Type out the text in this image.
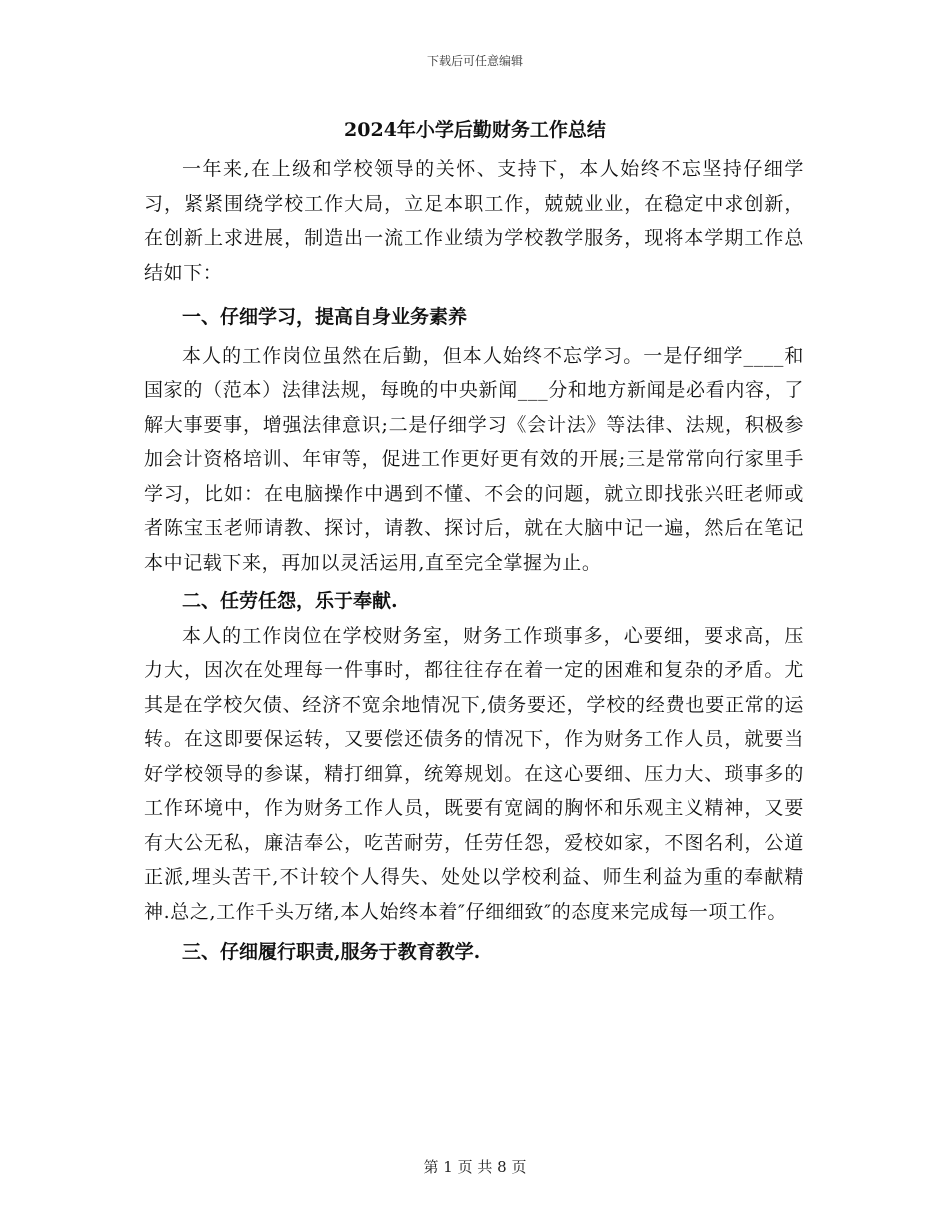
下载后可任意编辑
2024年小学后勤财务工作总结

一年来,在上级和学校领导的关怀、支持下，本人始终不忘坚持仔细学习，紧紧围绕学校工作大局，立足本职工作，兢兢业业，在稳定中求创新，在创新上求进展，制造出一流工作业绩为学校教学服务，现将本学期工作总结如下：

一、仔细学习，提高自身业务素养

本人的工作岗位虽然在后勤，但本人始终不忘学习。一是仔细学____和国家的（范本）法律法规，每晚的中央新闻___分和地方新闻是必看内容，了解大事要事，增强法律意识;二是仔细学习《会计法》等法律、法规，积极参加会计资格培训、年审等，促进工作更好更有效的开展;三是常常向行家里手学习，比如：在电脑操作中遇到不懂、不会的问题，就立即找张兴旺老师或者陈宝玉老师请教、探讨，请教、探讨后，就在大脑中记一遍，然后在笔记本中记载下来，再加以灵活运用,直至完全掌握为止。

二、任劳任怨，乐于奉献.

本人的工作岗位在学校财务室，财务工作琐事多，心要细，要求高，压力大，因次在处理每一件事时，都往往存在着一定的困难和复杂的矛盾。尤其是在学校欠债、经济不宽余地情况下,债务要还，学校的经费也要正常的运转。在这即要保运转，又要偿还债务的情况下，作为财务工作人员，就要当好学校领导的参谋，精打细算，统筹规划。在这心要细、压力大、琐事多的工作环境中，作为财务工作人员，既要有宽阔的胸怀和乐观主义精神，又要有大公无私，廉洁奉公，吃苦耐劳，任劳任怨，爱校如家，不图名利，公道正派,埋头苦干,不计较个人得失、处处以学校利益、师生利益为重的奉献精神.总之,工作千头万绪,本人始终本着″仔细细致″的态度来完成每一项工作。

三、仔细履行职责,服务于教育教学.
第 1 页 共 8 页
